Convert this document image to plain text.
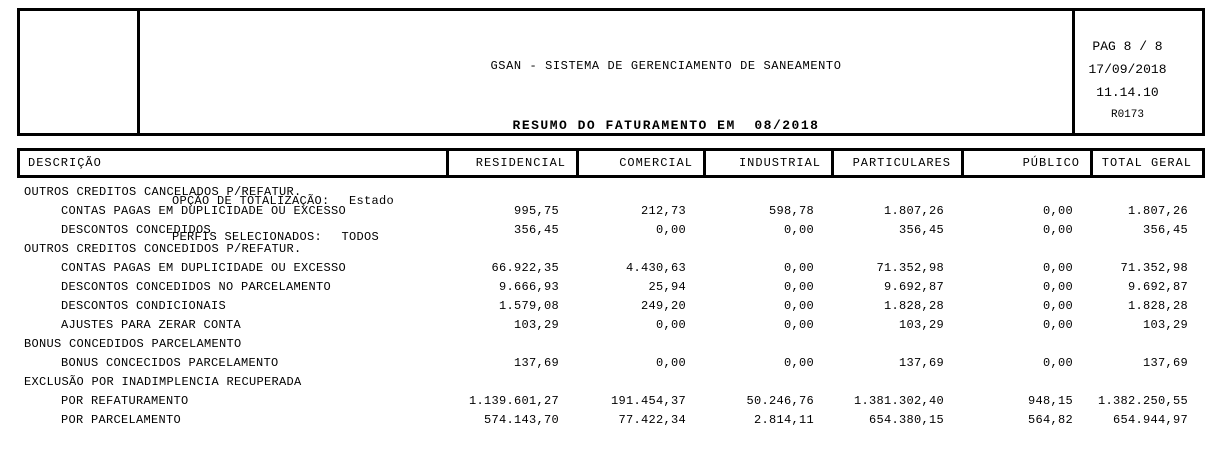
GSAN - SISTEMA DE GERENCIAMENTO DE SANEAMENTO

RESUMO DO FATURAMENTO EM  08/2018

OPÇÃO DE TOTALIZAÇÃO: Estado
PERFIS SELECIONADOS: TODOS
PAG 8 / 8
17/09/2018
11.14.10
R0173
DESCRIÇÃO	RESIDENCIAL	COMERCIAL	INDUSTRIAL	PARTICULARES	PÚBLICO	TOTAL GERAL
OUTROS CREDITOS CANCELADOS P/REFATUR.
CONTAS PAGAS EM DUPLICIDADE OU EXCESSO	995,75	212,73	598,78	1.807,26	0,00	1.807,26
DESCONTOS CONCEDIDOS	356,45	0,00	0,00	356,45	0,00	356,45
OUTROS CREDITOS CONCEDIDOS P/REFATUR.
CONTAS PAGAS EM DUPLICIDADE OU EXCESSO	66.922,35	4.430,63	0,00	71.352,98	0,00	71.352,98
DESCONTOS CONCEDIDOS NO PARCELAMENTO	9.666,93	25,94	0,00	9.692,87	0,00	9.692,87
DESCONTOS CONDICIONAIS	1.579,08	249,20	0,00	1.828,28	0,00	1.828,28
AJUSTES PARA ZERAR CONTA	103,29	0,00	0,00	103,29	0,00	103,29
BONUS CONCEDIDOS PARCELAMENTO
BONUS CONCECIDOS PARCELAMENTO	137,69	0,00	0,00	137,69	0,00	137,69
EXCLUSÃO POR INADIMPLENCIA RECUPERADA
POR REFATURAMENTO	1.139.601,27	191.454,37	50.246,76	1.381.302,40	948,15	1.382.250,55
POR PARCELAMENTO	574.143,70	77.422,34	2.814,11	654.380,15	564,82	654.944,97
